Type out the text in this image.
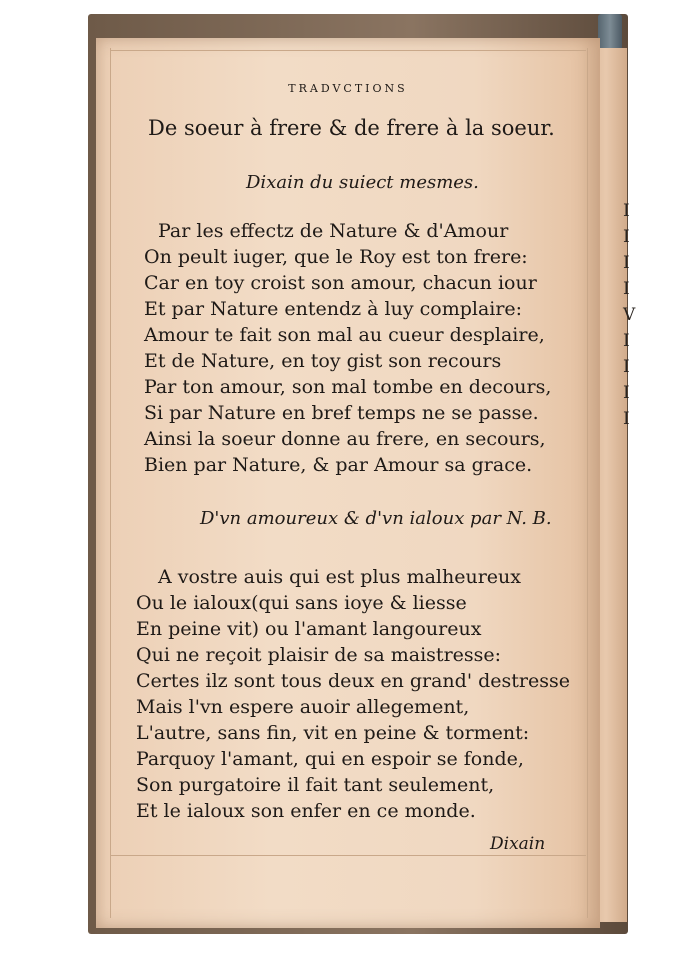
I
I
I
I
V
I
I
I
I
TRADVCTIONS
De soeur à frere & de frere à la soeur.
Dixain du suiect mesmes.
Par les effectz de Nature & d'Amour
On peult iuger, que le Roy est ton frere:
Car en toy croist son amour, chacun iour
Et par Nature entendz à luy complaire:
Amour te fait son mal au cueur desplaire,
Et de Nature, en toy gist son recours
Par ton amour, son mal tombe en decours,
Si par Nature en bref temps ne se passe.
Ainsi la soeur donne au frere, en secours,
Bien par Nature, & par Amour sa grace.
D'vn amoureux & d'vn ialoux par N. B.
A vostre auis qui est plus malheureux
Ou le ialoux(qui sans ioye & liesse
En peine vit) ou l'amant langoureux
Qui ne reçoit plaisir de sa maistresse:
Certes ilz sont tous deux en grand' destresse
Mais l'vn espere auoir allegement,
L'autre, sans fin, vit en peine & torment:
Parquoy l'amant, qui en espoir se fonde,
Son purgatoire il fait tant seulement,
Et le ialoux son enfer en ce monde.
Dixain
